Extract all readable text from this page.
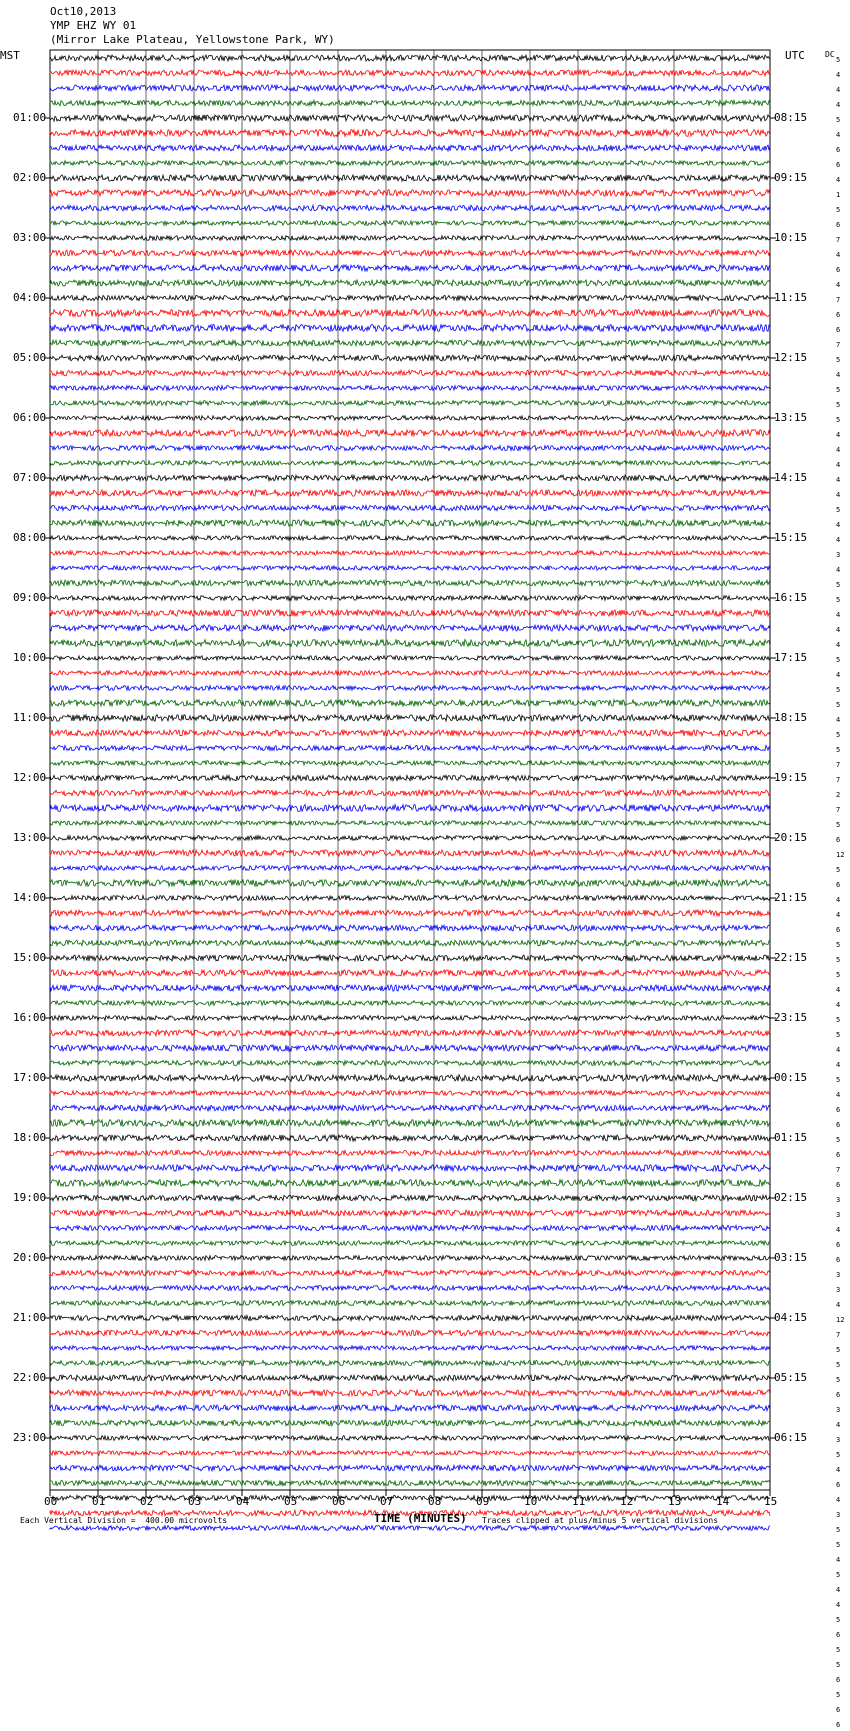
Oct10,2013
YMP EHZ WY 01
(Mirror Lake Plateau, Yellowstone Park, WY)
MST	UTC	DC
01:00
02:00
03:00
04:00
05:00
06:00
07:00
08:00
09:00
10:00
11:00
12:00
13:00
14:00
15:00
16:00
17:00
18:00
19:00
20:00
21:00
22:00
23:00
08:15
09:15
10:15
11:15
12:15
13:15
14:15
15:15
16:15
17:15
18:15
19:15
20:15
21:15
22:15
23:15
00:15
01:15
02:15
03:15
04:15
05:15
06:15
5
4
4
4
5
4
6
6
4
1
5
6
7
4
6
4
7
6
6
7
5
4
5
5
5
4
4
4
4
4
5
4
4
3
4
5
5
4
4
4
5
4
5
5
4
5
5
7
7
2
7
5
6
12
5
6
4
4
6
5
5
5
4
4
5
5
4
4
5
4
6
6
5
6
7
6
3
3
4
6
6
3
3
4
12
7
5
5
5
6
3
4
3
5
4
6
4
3
5
5
4
5
4
4
5
6
5
5
6
5
6
6
00	01	02	03	04	05	06	07	08	09	10	11	12	13	14	15
TIME (MINUTES)
Each Vertical Division =  400.00 microvolts	Traces clipped at plus/minus 5 vertical divisions
